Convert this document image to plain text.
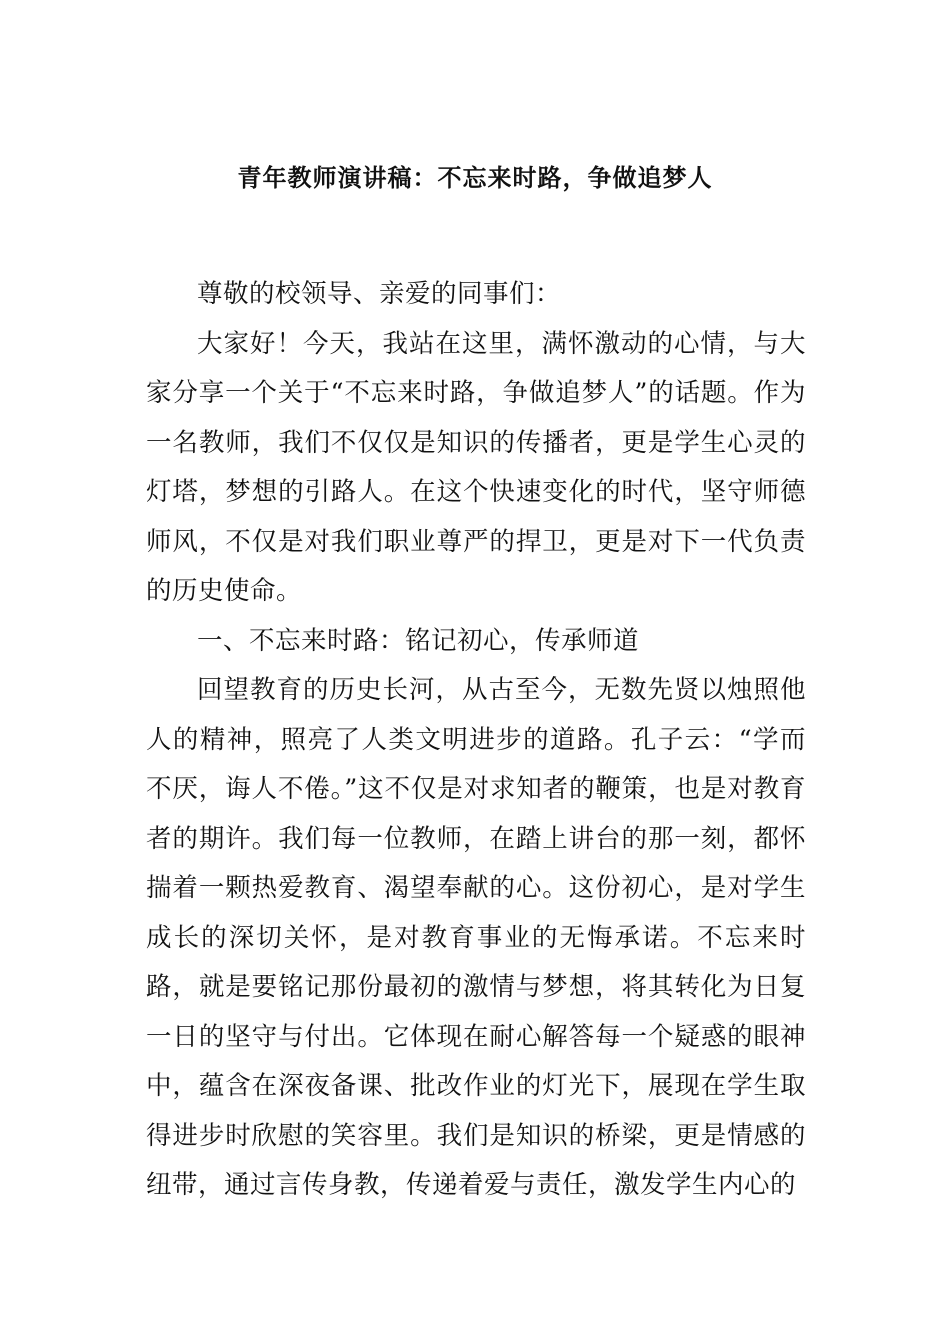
青年教师演讲稿：不忘来时路，争做追梦人

尊敬的校领导、亲爱的同事们：

大家好！今天，我站在这里，满怀激动的心情，与大家分享一个关于“不忘来时路，争做追梦人”的话题。作为一名教师，我们不仅仅是知识的传播者，更是学生心灵的灯塔，梦想的引路人。在这个快速变化的时代，坚守师德师风，不仅是对我们职业尊严的捍卫，更是对下一代负责的历史使命。

一、不忘来时路：铭记初心，传承师道

回望教育的历史长河，从古至今，无数先贤以烛照他人的精神，照亮了人类文明进步的道路。孔子云：“学而不厌，诲人不倦。”这不仅是对求知者的鞭策，也是对教育者的期许。我们每一位教师，在踏上讲台的那一刻，都怀揣着一颗热爱教育、渴望奉献的心。这份初心，是对学生成长的深切关怀，是对教育事业的无悔承诺。不忘来时路，就是要铭记那份最初的激情与梦想，将其转化为日复一日的坚守与付出。它体现在耐心解答每一个疑惑的眼神中，蕴含在深夜备课、批改作业的灯光下，展现在学生取得进步时欣慰的笑容里。我们是知识的桥梁，更是情感的纽带，通过言传身教，传递着爱与责任，激发学生内心的
